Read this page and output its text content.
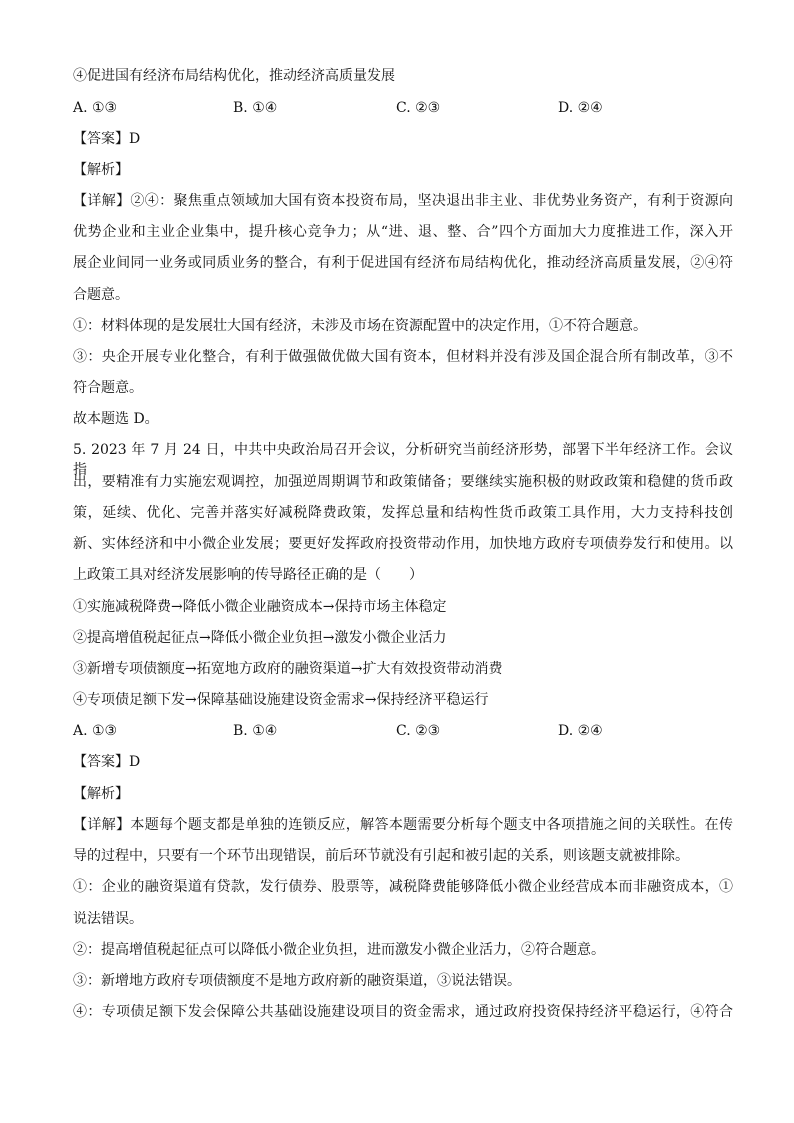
④促进国有经济布局结构优化，推动经济高质量发展
A. ①③	B. ①④	C. ②③	D. ②④
【答案】D
【解析】
【详解】②④：聚焦重点领域加大国有资本投资布局，坚决退出非主业、非优势业务资产，有利于资源向
优势企业和主业企业集中，提升核心竞争力；从“进、退、整、合”四个方面加大力度推进工作，深入开
展企业间同一业务或同质业务的整合，有利于促进国有经济布局结构优化，推动经济高质量发展，②④符
合题意。
①：材料体现的是发展壮大国有经济，未涉及市场在资源配置中的决定作用，①不符合题意。
③：央企开展专业化整合，有利于做强做优做大国有资本，但材料并没有涉及国企混合所有制改革，③不
符合题意。
故本题选 D。
5. 2023 年 7 月 24 日，中共中央政治局召开会议，分析研究当前经济形势，部署下半年经济工作。会议指
出，要精准有力实施宏观调控，加强逆周期调节和政策储备；要继续实施积极的财政政策和稳健的货币政
策，延续、优化、完善并落实好减税降费政策，发挥总量和结构性货币政策工具作用，大力支持科技创
新、实体经济和中小微企业发展；要更好发挥政府投资带动作用，加快地方政府专项债券发行和使用。以
上政策工具对经济发展影响的传导路径正确的是（　　）
①实施减税降费→降低小微企业融资成本→保持市场主体稳定
②提高增值税起征点→降低小微企业负担→激发小微企业活力
③新增专项债额度→拓宽地方政府的融资渠道→扩大有效投资带动消费
④专项债足额下发→保障基础设施建设资金需求→保持经济平稳运行
A. ①③	B. ①④	C. ②③	D. ②④
【答案】D
【解析】
【详解】本题每个题支都是单独的连锁反应，解答本题需要分析每个题支中各项措施之间的关联性。在传
导的过程中，只要有一个环节出现错误，前后环节就没有引起和被引起的关系，则该题支就被排除。
①：企业的融资渠道有贷款，发行债券、股票等，减税降费能够降低小微企业经营成本而非融资成本，①
说法错误。
②：提高增值税起征点可以降低小微企业负担，进而激发小微企业活力，②符合题意。
③：新增地方政府专项债额度不是地方政府新的融资渠道，③说法错误。
④：专项债足额下发会保障公共基础设施建设项目的资金需求，通过政府投资保持经济平稳运行，④符合
